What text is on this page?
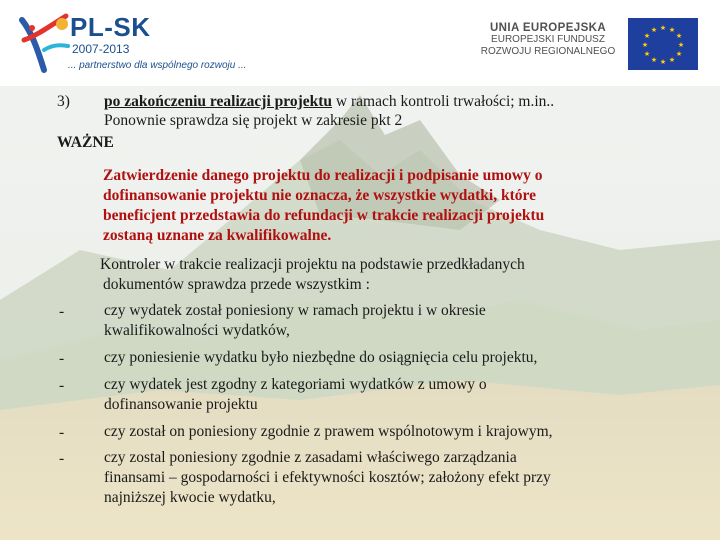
PL-SK
2007-2013
... partnerstwo dla wspólnego rozwoju ...
UNIA EUROPEJSKA
EUROPEJSKI FUNDUSZ
ROZWOJU REGIONALNEGO
★ ★
★
★
★
★
★
★
★
★
★
★
3) po zakończeniu realizacji projektu w ramach kontroli trwałości; m.in..
Ponownie sprawdza się projekt w zakresie pkt 2
WAŻNE
Zatwierdzenie danego projektu do realizacji i podpisanie umowy o
dofinansowanie projektu nie oznacza, że wszystkie wydatki, które
beneficjent przedstawia do refundacji w trakcie realizacji projektu
zostaną uznane za kwalifikowalne.
Kontroler w trakcie realizacji projektu na podstawie przedkładanych
dokumentów sprawdza przede wszystkim :
-	czy wydatek został poniesiony w ramach projektu i w okresie
kwalifikowalności wydatków,
-	czy poniesienie wydatku było niezbędne do osiągnięcia celu projektu,
-	czy wydatek jest zgodny z kategoriami wydatków z umowy o
dofinansowanie projektu
-	czy został on poniesiony zgodnie z prawem wspólnotowym i krajowym,
-	czy zostal poniesiony zgodnie z zasadami właściwego zarządzania
finansami – gospodarności i efektywności kosztów; założony efekt przy
najniższej kwocie wydatku,
